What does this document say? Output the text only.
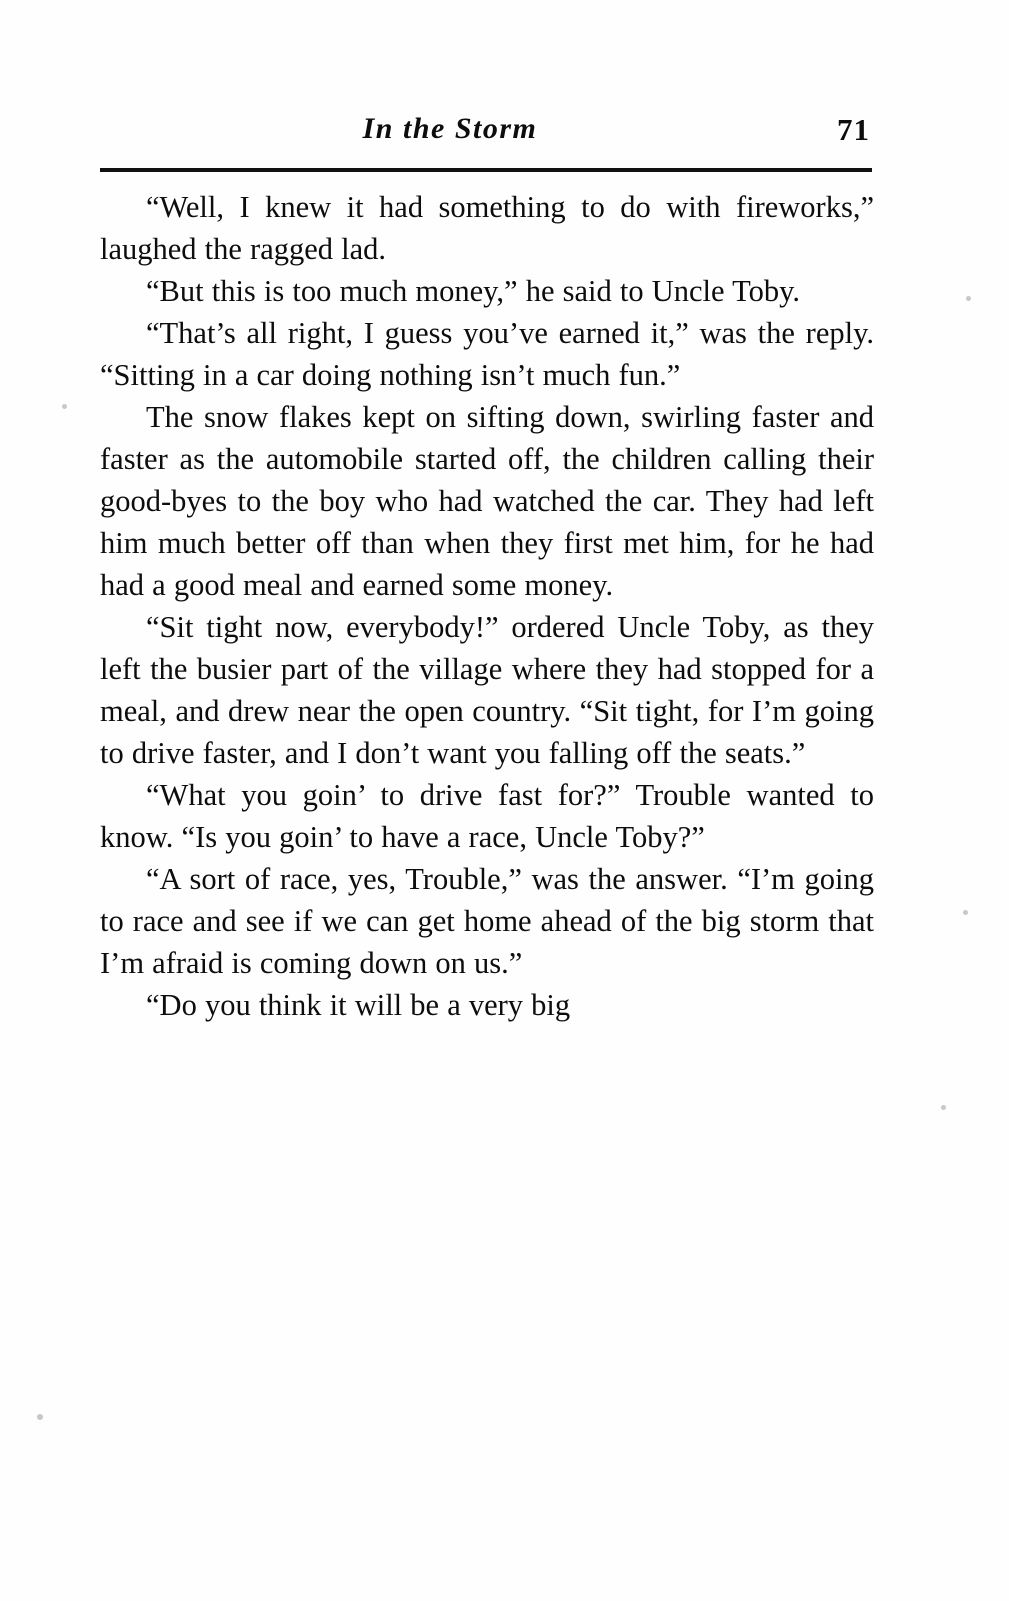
In the Storm	71

“Well, I knew it had something to do with fireworks,” laughed the ragged lad.

“But this is too much money,” he said to Uncle Toby.

“That’s all right, I guess you’ve earned it,” was the reply. “Sitting in a car doing nothing isn’t much fun.”

The snow flakes kept on sifting down, swirling faster and faster as the automobile started off, the children calling their good-byes to the boy who had watched the car. They had left him much better off than when they first met him, for he had had a good meal and earned some money.

“Sit tight now, everybody!” ordered Uncle Toby, as they left the busier part of the village where they had stopped for a meal, and drew near the open country. “Sit tight, for I’m going to drive faster, and I don’t want you falling off the seats.”

“What you goin’ to drive fast for?” Trouble wanted to know. “Is you goin’ to have a race, Uncle Toby?”

“A sort of race, yes, Trouble,” was the answer. “I’m going to race and see if we can get home ahead of the big storm that I’m afraid is coming down on us.”

“Do you think it will be a very big
